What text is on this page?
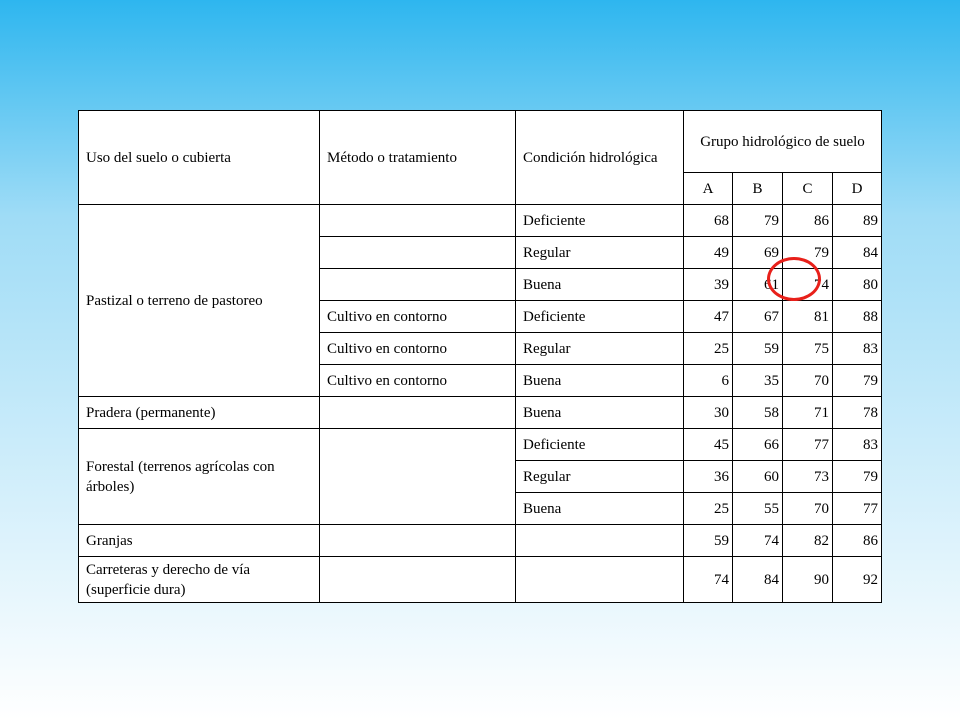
Uso del suelo o cubierta	Método o tratamiento	Condición hidrológica	Grupo hidrológico de suelo			
			A	B	C	D
Pastizal o terreno de pastoreo		Deficiente	68	79	86	89
		Regular	49	69	79	84
		Buena	39	61	74	80
	Cultivo en contorno	Deficiente	47	67	81	88
	Cultivo en contorno	Regular	25	59	75	83
	Cultivo en contorno	Buena	6	35	70	79
Pradera (permanente)		Buena	30	58	71	78
Forestal (terrenos agrícolas con árboles)		Deficiente	45	66	77	83
		Regular	36	60	73	79
		Buena	25	55	70	77
Granjas			59	74	82	86
Carreteras y derecho de vía (superficie dura)			74	84	90	92
